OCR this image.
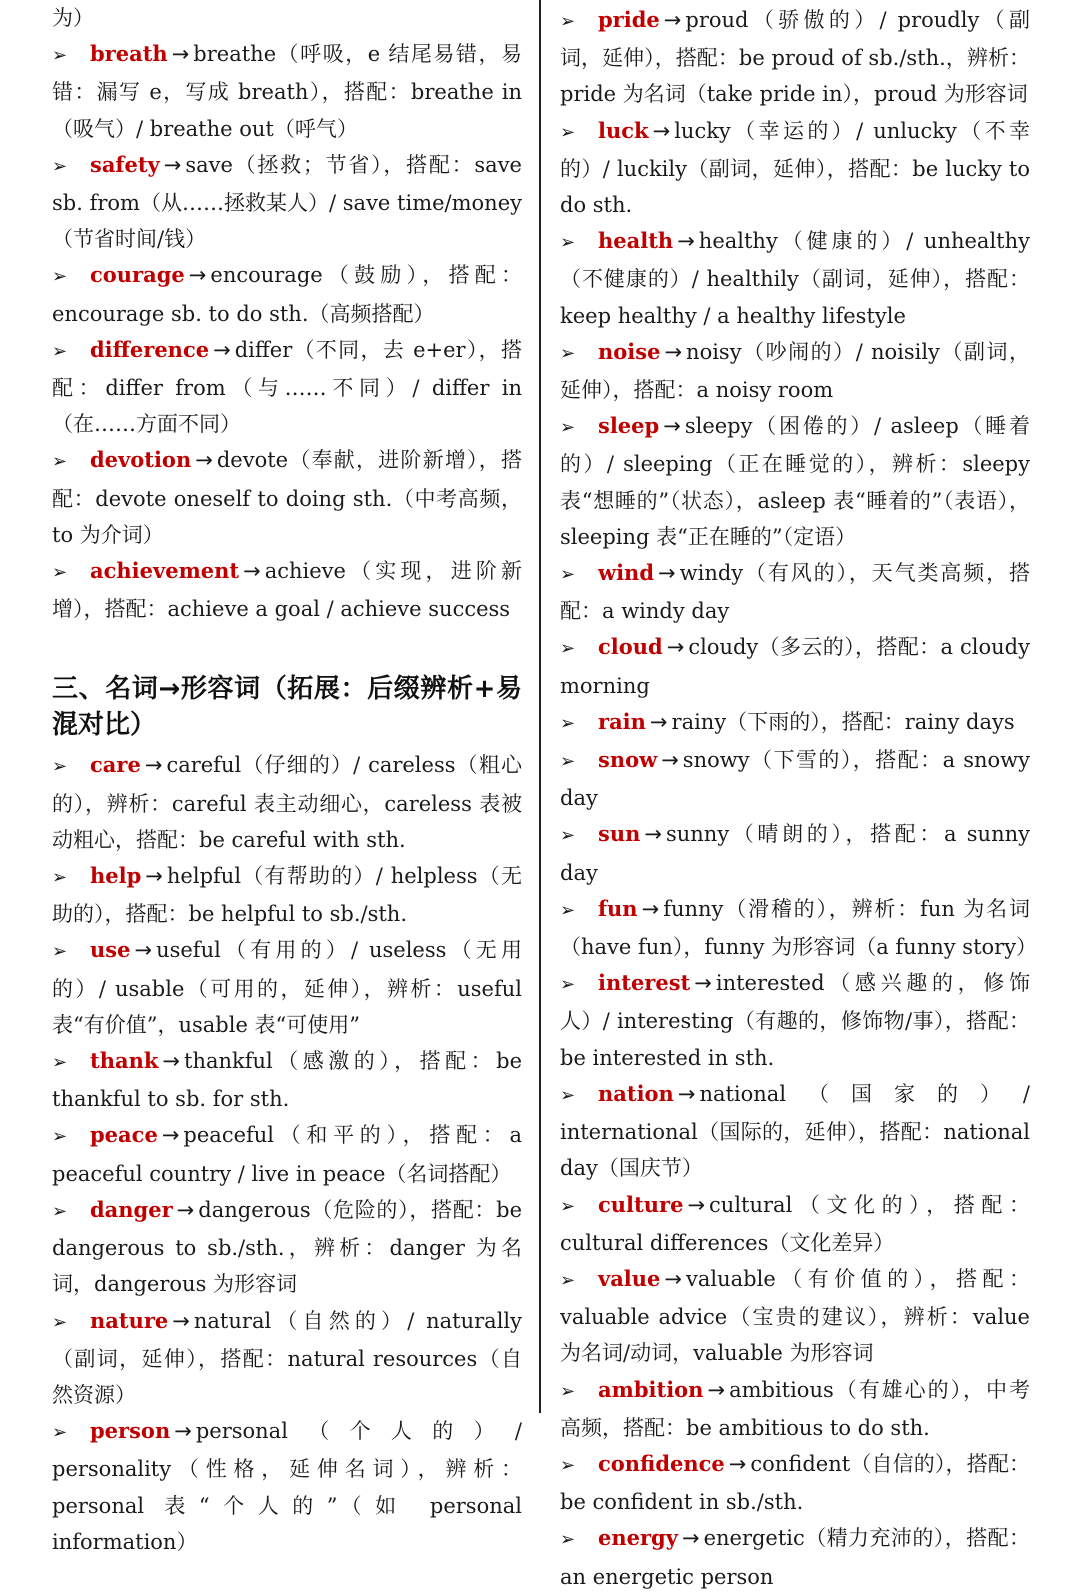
为）
➢ breath → breathe（呼吸，e 结尾易错，易错：漏写 e，写成 breath），搭配：breathe in（吸气）/ breathe out（呼气）
➢ safety → save（拯救；节省），搭配：save sb. from（从……拯救某人）/ save time/money（节省时间/钱）
➢ courage → encourage（鼓励），搭配：encourage sb. to do sth.（高频搭配）
➢ difference → differ（不同，去 e+er），搭配：differ from（与……不同）/ differ in（在……方面不同）
➢ devotion → devote（奉献，进阶新增），搭配：devote oneself to doing sth.（中考高频，to 为介词）
➢ achievement → achieve（实现，进阶新增），搭配：achieve a goal / achieve success
三、名词→形容词（拓展：后缀辨析+易混对比）
➢ care → careful（仔细的）/ careless（粗心的），辨析：careful 表主动细心，careless 表被动粗心，搭配：be careful with sth.
➢ help → helpful（有帮助的）/ helpless（无助的），搭配：be helpful to sb./sth.
➢ use → useful（有用的）/ useless（无用的）/ usable（可用的，延伸），辨析：useful 表“有价值”，usable 表“可使用”
➢ thank → thankful（感激的），搭配：be thankful to sb. for sth.
➢ peace → peaceful（和平的），搭配：a peaceful country / live in peace（名词搭配）
➢ danger → dangerous（危险的），搭配：be dangerous to sb./sth.，辨析：danger 为名词，dangerous 为形容词
➢ nature → natural（自然的）/ naturally（副词，延伸），搭配：natural resources（自然资源）
➢ person → personal（个人的）/ personality（性格，延伸名词），辨析：personal 表“个人的”（如 personal information）
➢ pride → proud（骄傲的）/ proudly（副词，延伸），搭配：be proud of sb./sth.，辨析：pride 为名词（take pride in），proud 为形容词
➢ luck → lucky（幸运的）/ unlucky（不幸的）/ luckily（副词，延伸），搭配：be lucky to do sth.
➢ health → healthy（健康的）/ unhealthy（不健康的）/ healthily（副词，延伸），搭配：keep healthy / a healthy lifestyle
➢ noise → noisy（吵闹的）/ noisily（副词，延伸），搭配：a noisy room
➢ sleep → sleepy（困倦的）/ asleep（睡着的）/ sleeping（正在睡觉的），辨析：sleepy 表“想睡的”（状态），asleep 表“睡着的”（表语），sleeping 表“正在睡的”（定语）
➢ wind → windy（有风的），天气类高频，搭配：a windy day
➢ cloud → cloudy（多云的），搭配：a cloudy morning
➢ rain → rainy（下雨的），搭配：rainy days
➢ snow → snowy（下雪的），搭配：a snowy day
➢ sun → sunny（晴朗的），搭配：a sunny day
➢ fun → funny（滑稽的），辨析：fun 为名词（have fun），funny 为形容词（a funny story）
➢ interest → interested（感兴趣的，修饰人）/ interesting（有趣的，修饰物/事），搭配：be interested in sth.
➢ nation → national（国家的）/ international（国际的，延伸），搭配：national day（国庆节）
➢ culture → cultural（文化的），搭配：cultural differences（文化差异）
➢ value → valuable（有价值的），搭配：valuable advice（宝贵的建议），辨析：value 为名词/动词，valuable 为形容词
➢ ambition → ambitious（有雄心的），中考高频，搭配：be ambitious to do sth.
➢ confidence → confident（自信的），搭配：be confident in sb./sth.
➢ energy → energetic（精力充沛的），搭配：an energetic person
